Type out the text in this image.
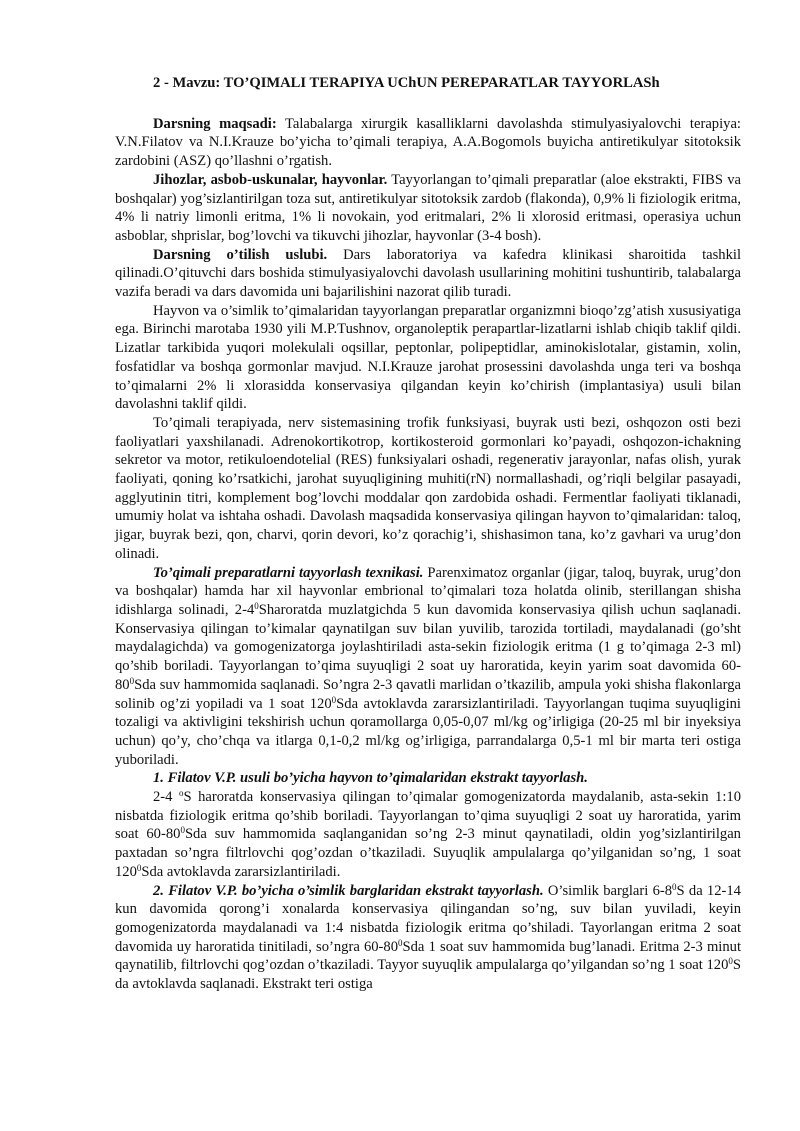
2 - Mavzu: TO’QIMALI TERAPIYA UChUN PEREPARATLAR TAYYORLASh

Darsning maqsadi: Talabalarga xirurgik kasalliklarni davolashda stimulyasiyalovchi terapiya: V.N.Filatov va N.I.Krauze bo’yicha to’qimali terapiya, A.A.Bogomols buyicha antiretikulyar sitotoksik zardobini (ASZ) qo’llashni o’rgatish.

Jihozlar, asbob-uskunalar, hayvonlar. Tayyorlangan to’qimali preparatlar (aloe ekstrakti, FIBS va boshqalar) yog’sizlantirilgan toza sut, antiretikulyar sitotoksik zardob (flakonda), 0,9% li fiziologik eritma, 4% li natriy limonli eritma, 1% li novokain, yod eritmalari, 2% li xlorosid eritmasi, operasiya uchun asboblar, shprislar, bog’lovchi va tikuvchi jihozlar, hayvonlar (3-4 bosh).

Darsning o’tilish uslubi. Dars laboratoriya va kafedra klinikasi sharoitida tashkil qilinadi.O’qituvchi dars boshida stimulyasiyalovchi davolash usullarining mohitini tushuntirib, talabalarga vazifa beradi va dars davomida uni bajarilishini nazorat qilib turadi.

Hayvon va o’simlik to’qimalaridan tayyorlangan preparatlar organizmni bioqo’zg’atish xususiyatiga ega. Birinchi marotaba 1930 yili M.P.Tushnov, organoleptik perapartlar-lizatlarni ishlab chiqib taklif qildi. Lizatlar tarkibida yuqori molekulali oqsillar, peptonlar, polipeptidlar, aminokislotalar, gistamin, xolin, fosfatidlar va boshqa gormonlar mavjud. N.I.Krauze jarohat prosessini davolashda unga teri va boshqa to’qimalarni 2% li xlorasidda konservasiya qilgandan keyin ko’chirish (implantasiya) usuli bilan davolashni taklif qildi.

To’qimali terapiyada, nerv sistemasining trofik funksiyasi, buyrak usti bezi, oshqozon osti bezi faoliyatlari yaxshilanadi. Adrenokortikotrop, kortikosteroid gormonlari ko’payadi, oshqozon-ichakning sekretor va motor, retikuloendotelial (RES) funksiyalari oshadi, regenerativ jarayonlar, nafas olish, yurak faoliyati, qoning ko’rsatkichi, jarohat suyuqligining muhiti(rN) normallashadi, og’riqli belgilar pasayadi, agglyutinin titri, komplement bog’lovchi moddalar qon zardobida oshadi. Fermentlar faoliyati tiklanadi, umumiy holat va ishtaha oshadi. Davolash maqsadida konservasiya qilingan hayvon to’qimalaridan: taloq, jigar, buyrak bezi, qon, charvi, qorin devori, ko’z qorachig’i, shishasimon tana, ko’z gavhari va urug’don olinadi.

To’qimali preparatlarni tayyorlash texnikasi. Parenximatoz organlar (jigar, taloq, buyrak, urug’don va boshqalar) hamda har xil hayvonlar embrional to’qimalari toza holatda olinib, sterillangan shisha idishlarga solinadi, $2-4^0Sharoratda$ muzlatgichda 5 kun davomida konservasiya qilish uchun saqlanadi. Konservasiya qilingan to’kimalar qaynatilgan suv bilan yuvilib, tarozida tortiladi, maydalanadi (go’sht maydalagichda) va gomogenizatorga joylashtiriladi asta-sekin fiziologik eritma (1 g to’qimaga 2-3 ml) qo’shib boriladi. Tayyorlangan to’qima suyuqligi 2 soat uy haroratida, keyin yarim soat davomida $60-80^0Sda$ suv hammomida saqlanadi. So’ngra 2-3 qavatli marlidan o’tkazilib, ampula yoki shisha flakonlarga solinib og’zi yopiladi va 1 soat $120^0Sda$ avtoklavda zararsizlantiriladi. Tayyorlangan tuqima suyuqligini tozaligi va aktivligini tekshirish uchun qoramollarga 0,05-0,07 ml/kg og’irligiga (20-25 ml bir inyeksiya uchun) qo’y, cho’chqa va itlarga 0,1-0,2 ml/kg og’irligiga, parrandalarga 0,5-1 ml bir marta teri ostiga yuboriladi.

1. Filatov V.P. usuli bo’yicha hayvon to’qimalaridan ekstrakt tayyorlash.

2-4 $^o$S haroratda konservasiya qilingan to’qimalar gomogenizatorda maydalanib, asta-sekin 1:10 nisbatda fiziologik eritma qo’shib boriladi. Tayyorlangan to’qima suyuqligi 2 soat uy haroratida, yarim soat $60-80^0Sda$ suv hammomida saqlanganidan so’ng 2-3 minut qaynatiladi, oldin yog’sizlantirilgan paxtadan so’ngra filtrlovchi qog’ozdan o’tkaziladi. Suyuqlik ampulalarga qo’yilganidan so’ng, 1 soat $120^0Sda$ avtoklavda zararsizlantiriladi.

2. Filatov V.P. bo’yicha o’simlik barglaridan ekstrakt tayyorlash. O’simlik barglari $6-8^0S$ da 12-14 kun davomida qorong’i xonalarda konservasiya qilingandan so’ng, suv bilan yuviladi, keyin gomogenizatorda maydalanadi va 1:4 nisbatda fiziologik eritma qo’shiladi. Tayorlangan eritma 2 soat davomida uy haroratida tinitiladi, so’ngra $60-80^0Sda$ 1 soat suv hammomida bug’lanadi. Eritma 2-3 minut qaynatilib, filtrlovchi qog’ozdan o’tkaziladi. Tayyor suyuqlik ampulalarga qo’yilgandan so’ng 1 soat $120^0S$ da avtoklavda saqlanadi. Ekstrakt teri ostiga
